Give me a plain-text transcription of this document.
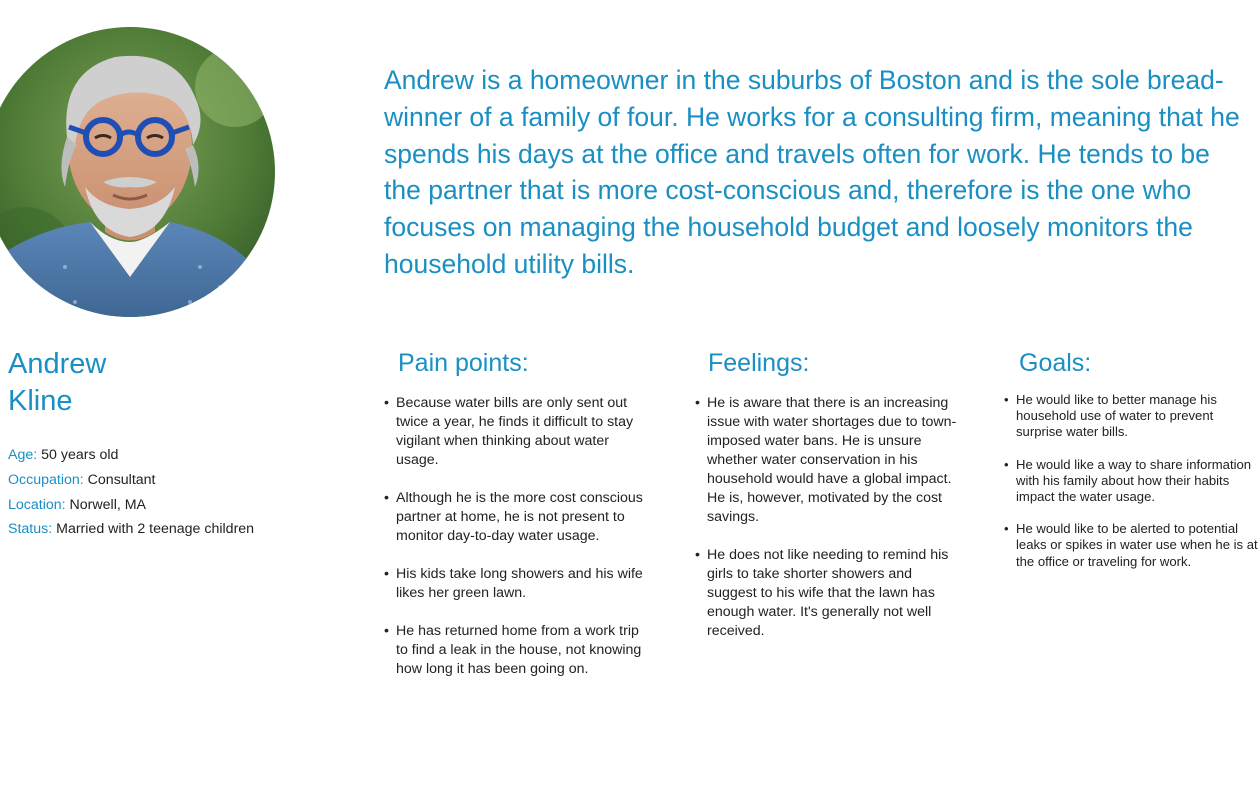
Andrew is a homeowner in the suburbs of Boston and is the sole bread-winner of a family of four. He works for a consulting firm, meaning that he spends his days at the office and travels often for work. He tends to be the partner that is more cost-conscious and, therefore is the one who focuses on managing the household budget and loosely monitors the household utility bills.

Andrew
Kline
Age: 50 years old
Occupation: Consultant
Location: Norwell, MA
Status: Married with 2 teenage children
Pain points:
• Because water bills are only sent out twice a year, he finds it difficult to stay vigilant when thinking about water usage.
• Although he is the more cost conscious partner at home, he is not present to monitor day-to-day water usage.
• His kids take long showers and his wife likes her green lawn.
• He has returned home from a work trip to find a leak in the house, not knowing how long it has been going on.
Feelings:
• He is aware that there is an increasing issue with water shortages due to town-imposed water bans. He is unsure whether water conservation in his household would have a global impact. He is, however, motivated by the cost savings.
• He does not like needing to remind his girls to take shorter showers and suggest to his wife that the lawn has enough water. It's generally not well received.
Goals:
• He would like to better manage his household use of water to prevent surprise water bills.
• He would like a way to share information with his family about how their habits impact the water usage.
• He would like to be alerted to potential leaks or spikes in water use when he is at the office or traveling for work.
